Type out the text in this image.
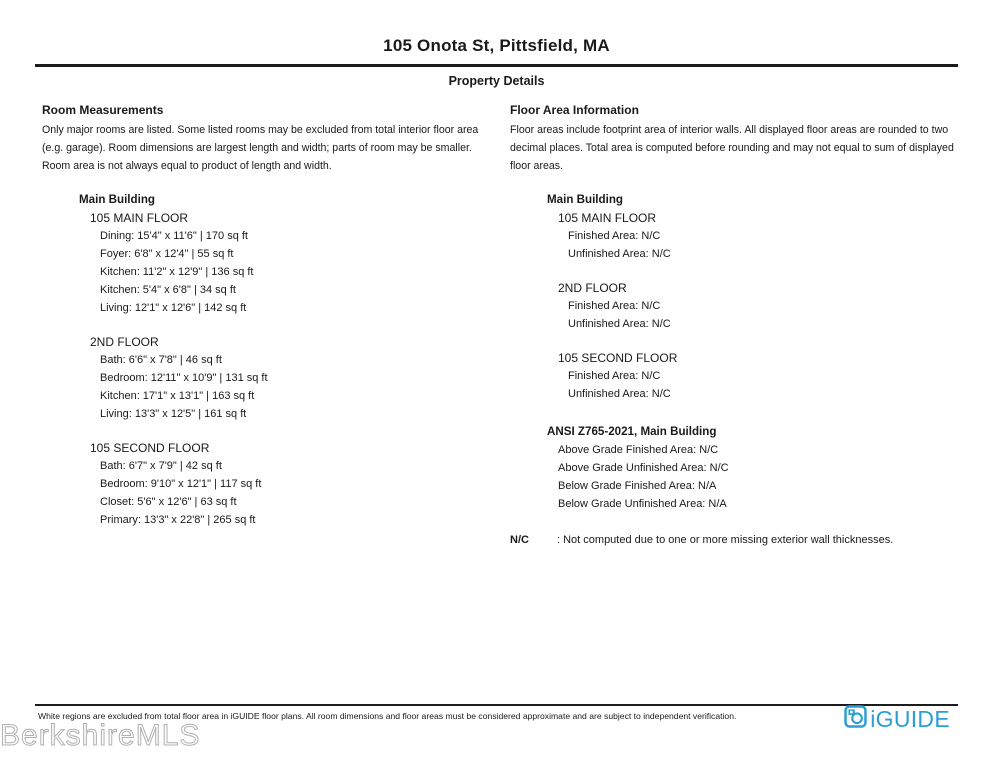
105 Onota St, Pittsfield, MA
Property Details
Room Measurements

Only major rooms are listed. Some listed rooms may be excluded from total interior floor area (e.g. garage). Room dimensions are largest length and width; parts of room may be smaller. Room area is not always equal to product of length and width.

Main Building
105 MAIN FLOOR
Dining: 15'4" x 11'6" | 170 sq ft
Foyer: 6'8" x 12'4" | 55 sq ft
Kitchen: 11'2" x 12'9" | 136 sq ft
Kitchen: 5'4" x 6'8" | 34 sq ft
Living: 12'1" x 12'6" | 142 sq ft
2ND FLOOR
Bath: 6'6" x 7'8" | 46 sq ft
Bedroom: 12'11" x 10'9" | 131 sq ft
Kitchen: 17'1" x 13'1" | 163 sq ft
Living: 13'3" x 12'5" | 161 sq ft
105 SECOND FLOOR
Bath: 6'7" x 7'9" | 42 sq ft
Bedroom: 9'10" x 12'1" | 117 sq ft
Closet: 5'6" x 12'6" | 63 sq ft
Primary: 13'3" x 22'8" | 265 sq ft
Floor Area Information

Floor areas include footprint area of interior walls. All displayed floor areas are rounded to two decimal places. Total area is computed before rounding and may not equal to sum of displayed floor areas.

Main Building
105 MAIN FLOOR
Finished Area: N/C
Unfinished Area: N/C
2ND FLOOR
Finished Area: N/C
Unfinished Area: N/C
105 SECOND FLOOR
Finished Area: N/C
Unfinished Area: N/C
ANSI Z765-2021, Main Building
Above Grade Finished Area: N/C
Above Grade Unfinished Area: N/C
Below Grade Finished Area: N/A
Below Grade Unfinished Area: N/A
N/C	: Not computed due to one or more missing exterior wall thicknesses.
White regions are excluded from total floor area in iGUIDE floor plans. All room dimensions and floor areas must be considered approximate and are subject to independent verification.	iGUIDE
BerkshireMLS
